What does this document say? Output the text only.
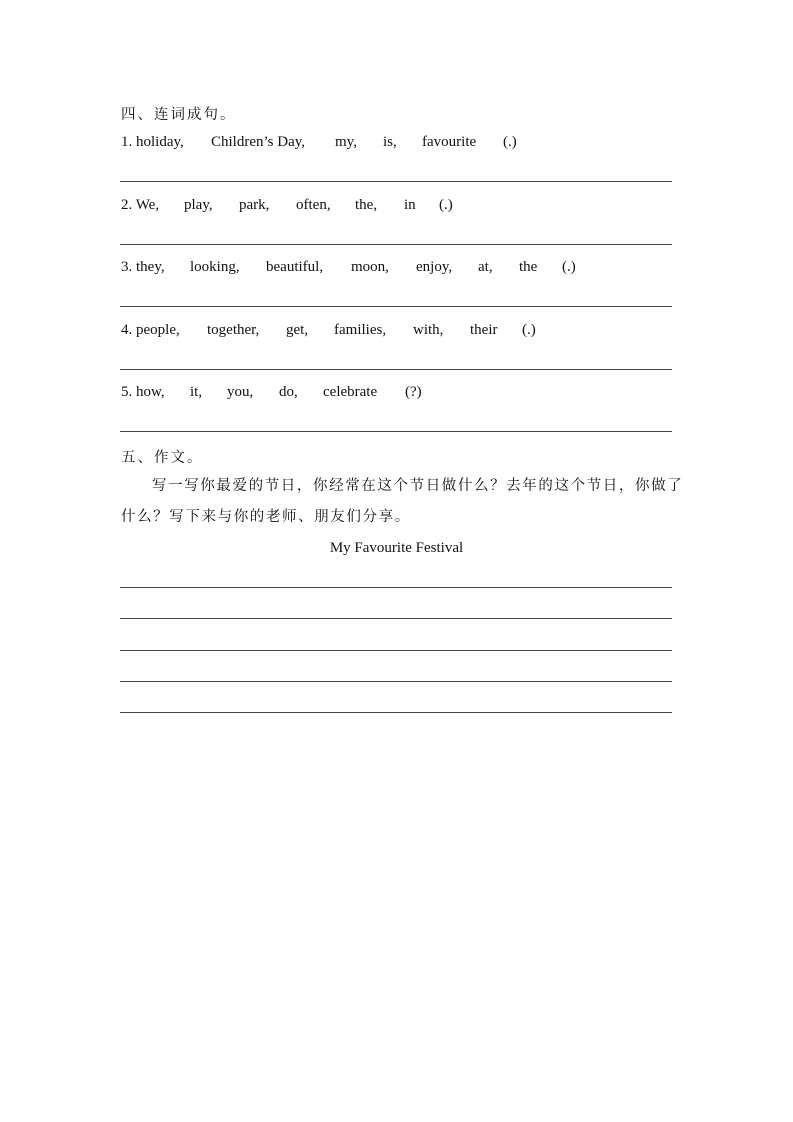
四、连词成句。
1. holiday, Children’s Day, my, is, favourite (.)
2. We, play, park, often, the, in (.)
3. they, looking, beautiful, moon, enjoy, at, the (.)
4. people, together, get, families, with, their (.)
5. how, it, you, do, celebrate (?)
五、作文。
写一写你最爱的节日，你经常在这个节日做什么？去年的这个节日，你做了
什么？写下来与你的老师、朋友们分享。
My Favourite Festival
